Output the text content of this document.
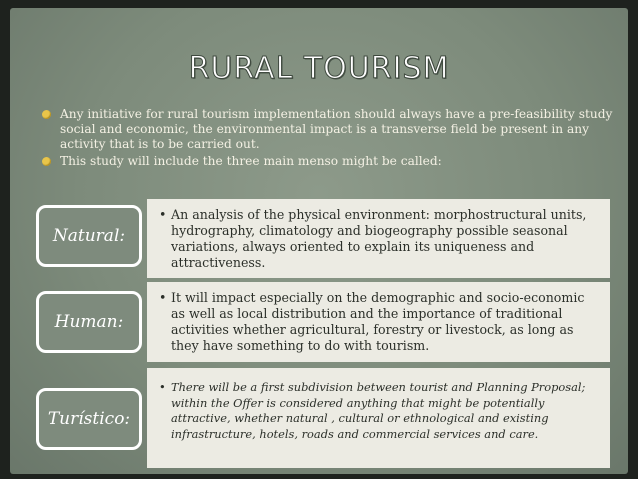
RURAL TOURISM
Any initiative for rural tourism implementation should always have a pre-feasibility study social and economic, the environmental impact is a transverse field be present in any activity that is to be carried out.
This study will include the three main menso might be called:
Natural:
• An analysis of the physical environment: morphostructural units, hydrography, climatology and biogeography possible seasonal variations, always oriented to explain its uniqueness and attractiveness.
Human:
• It will impact especially on the demographic and socio-economic as well as local distribution and the importance of traditional activities whether agricultural, forestry or livestock, as long as they have something to do with tourism.
Turístico:
• There will be a first subdivision between tourist and Planning Proposal; within the Offer is considered anything that might be potentially attractive, whether natural , cultural or ethnological and existing infrastructure, hotels, roads and commercial services and care.
